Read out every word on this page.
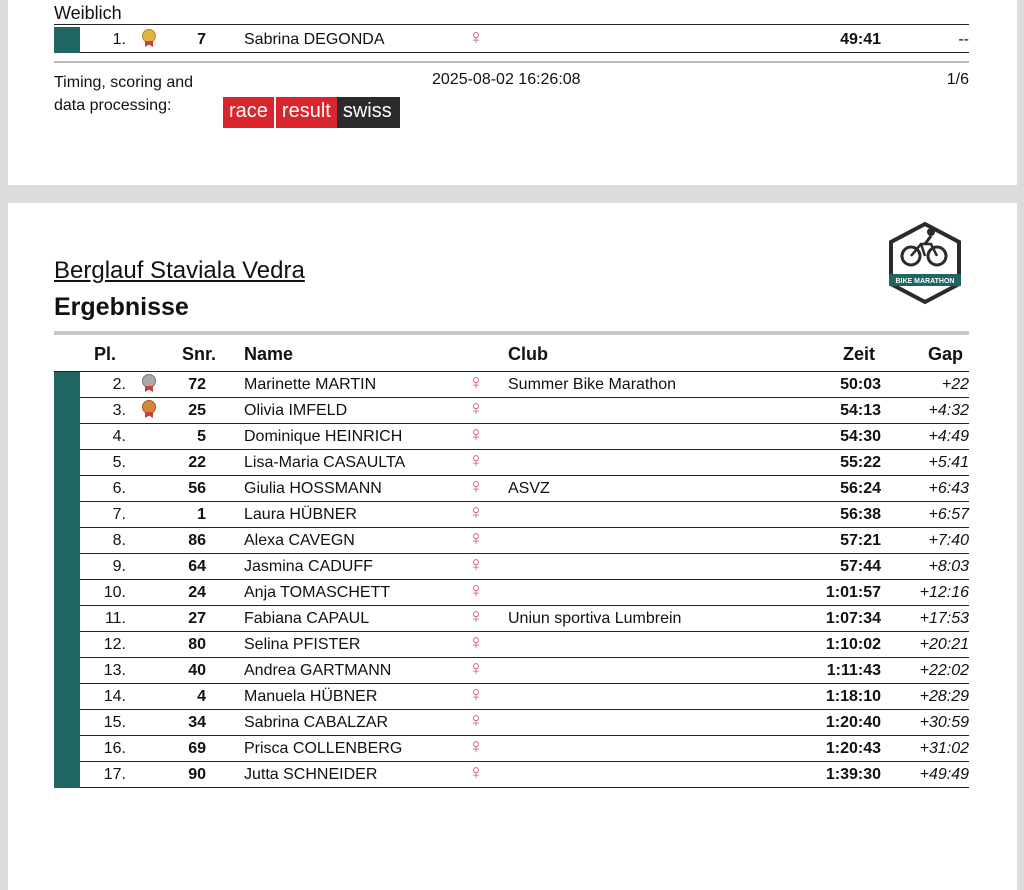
Weiblich
1.	7 Sabrina DEGONDA	♀	49:41	--
Timing, scoring and
data processing:
2025-08-02 16:26:08	1/6
race result swiss
Berglauf Staviala Vedra
Ergebnisse
BIKE MARATHON
Pl.	Snr. Name	Club	Zeit	Gap
2.	72 Marinette MARTIN	♀ Summer Bike Marathon	50:03	+22
3.	25 Olivia IMFELD	♀	54:13	+4:32
4.	5 Dominique HEINRICH	♀	54:30	+4:49
5.	22 Lisa-Maria CASAULTA	♀	55:22	+5:41
6.	56 Giulia HOSSMANN	♀ ASVZ	56:24	+6:43
7.	1 Laura HÜBNER	♀	56:38	+6:57
8.	86 Alexa CAVEGN	♀	57:21	+7:40
9.	64 Jasmina CADUFF	♀	57:44	+8:03
10.	24 Anja TOMASCHETT	♀	1:01:57	+12:16
11.	27 Fabiana CAPAUL	♀ Uniun sportiva Lumbrein	1:07:34	+17:53
12.	80 Selina PFISTER	♀	1:10:02	+20:21
13.	40 Andrea GARTMANN	♀	1:11:43	+22:02
14.	4 Manuela HÜBNER	♀	1:18:10	+28:29
15.	34 Sabrina CABALZAR	♀	1:20:40	+30:59
16.	69 Prisca COLLENBERG	♀	1:20:43	+31:02
17.	90 Jutta SCHNEIDER	♀	1:39:30	+49:49
